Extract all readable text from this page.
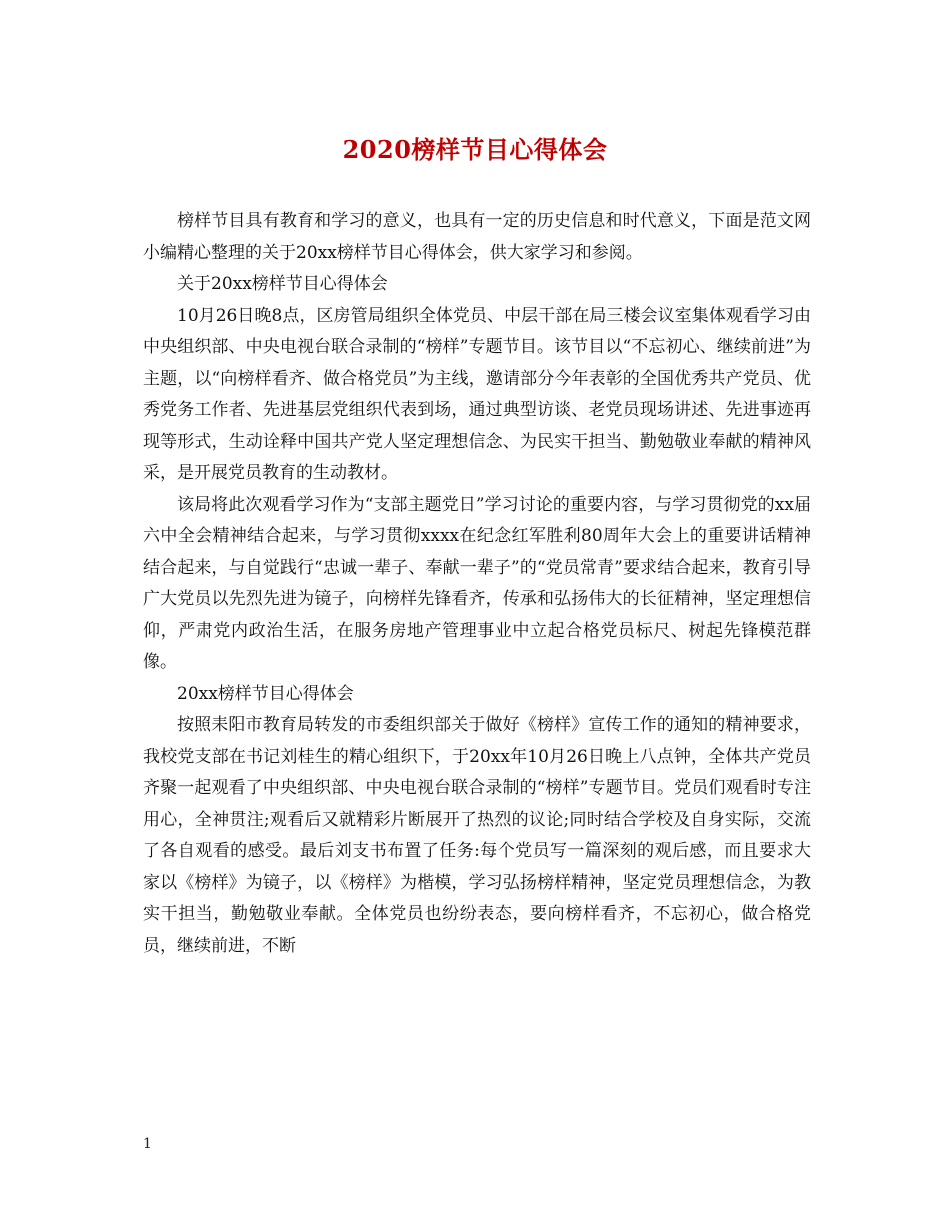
2020榜样节目心得体会

榜样节目具有教育和学习的意义，也具有一定的历史信息和时代意义，下面是范文网小编精心整理的关于20xx榜样节目心得体会，供大家学习和参阅。

关于20xx榜样节目心得体会

10月26日晚8点，区房管局组织全体党员、中层干部在局三楼会议室集体观看学习由中央组织部、中央电视台联合录制的“榜样”专题节目。该节目以“不忘初心、继续前进”为主题，以“向榜样看齐、做合格党员”为主线，邀请部分今年表彰的全国优秀共产党员、优秀党务工作者、先进基层党组织代表到场，通过典型访谈、老党员现场讲述、先进事迹再现等形式，生动诠释中国共产党人坚定理想信念、为民实干担当、勤勉敬业奉献的精神风采，是开展党员教育的生动教材。

该局将此次观看学习作为“支部主题党日”学习讨论的重要内容，与学习贯彻党的xx届六中全会精神结合起来，与学习贯彻xxxx在纪念红军胜利80周年大会上的重要讲话精神结合起来，与自觉践行“忠诚一辈子、奉献一辈子”的“党员常青”要求结合起来，教育引导广大党员以先烈先进为镜子，向榜样先锋看齐，传承和弘扬伟大的长征精神，坚定理想信仰，严肃党内政治生活，在服务房地产管理事业中立起合格党员标尺、树起先锋模范群像。

20xx榜样节目心得体会

按照耒阳市教育局转发的市委组织部关于做好《榜样》宣传工作的通知的精神要求，我校党支部在书记刘桂生的精心组织下，于20xx年10月26日晚上八点钟，全体共产党员齐聚一起观看了中央组织部、中央电视台联合录制的“榜样”专题节目。党员们观看时专注用心，全神贯注;观看后又就精彩片断展开了热烈的议论;同时结合学校及自身实际，交流了各自观看的感受。最后刘支书布置了任务:每个党员写一篇深刻的观后感，而且要求大家以《榜样》为镜子，以《榜样》为楷模，学习弘扬榜样精神，坚定党员理想信念，为教实干担当，勤勉敬业奉献。全体党员也纷纷表态，要向榜样看齐，不忘初心，做合格党员，继续前进，不断

1
